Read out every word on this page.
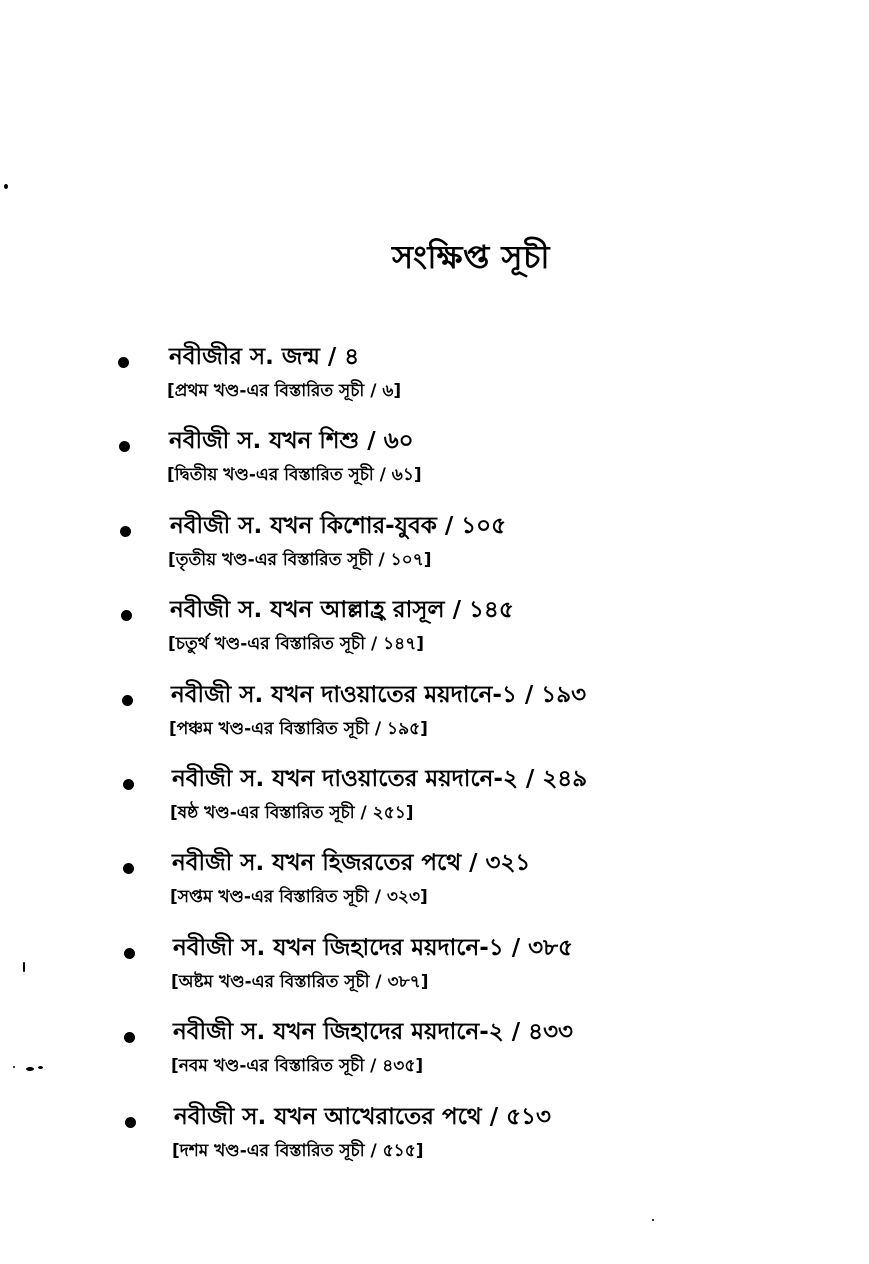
সংক্ষিপ্ত সূচী
নবীজীর স. জন্ম / ৪
[প্রথম খণ্ড-এর বিস্তারিত সূচী / ৬]
নবীজী স. যখন শিশু / ৬০
[দ্বিতীয় খণ্ড-এর বিস্তারিত সূচী / ৬১]
নবীজী স. যখন কিশোর-যুবক / ১০৫
[তৃতীয় খণ্ড-এর বিস্তারিত সূচী / ১০৭]
নবীজী স. যখন আল্লাহ্র রাসূল / ১৪৫
[চতুর্থ খণ্ড-এর বিস্তারিত সূচী / ১৪৭]
নবীজী স. যখন দাওয়াতের ময়দানে-১ / ১৯৩
[পঞ্চম খণ্ড-এর বিস্তারিত সূচী / ১৯৫]
নবীজী স. যখন দাওয়াতের ময়দানে-২ / ২৪৯
[ষষ্ঠ খণ্ড-এর বিস্তারিত সূচী / ২৫১]
নবীজী স. যখন হিজরতের পথে / ৩২১
[সপ্তম খণ্ড-এর বিস্তারিত সূচী / ৩২৩]
নবীজী স. যখন জিহাদের ময়দানে-১ / ৩৮৫
[অষ্টম খণ্ড-এর বিস্তারিত সূচী / ৩৮৭]
নবীজী স. যখন জিহাদের ময়দানে-২ / ৪৩৩
[নবম খণ্ড-এর বিস্তারিত সূচী / ৪৩৫]
নবীজী স. যখন আখেরাতের পথে / ৫১৩
[দশম খণ্ড-এর বিস্তারিত সূচী / ৫১৫]
